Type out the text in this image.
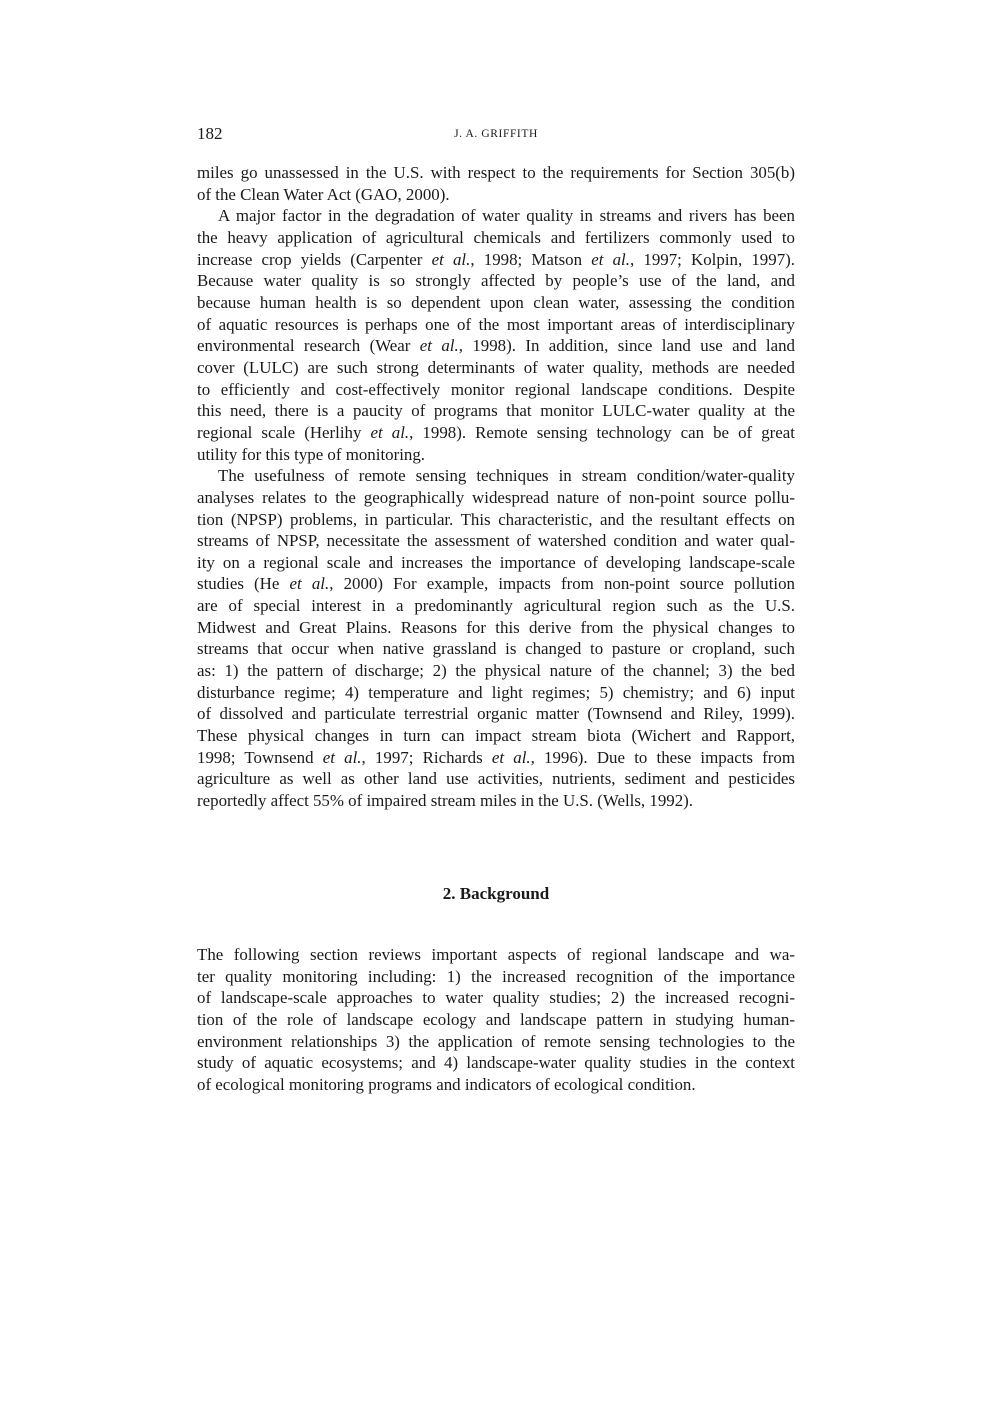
182	J. A. GRIFFITH
miles go unassessed in the U.S. with respect to the requirements for Section 305(b)
of the Clean Water Act (GAO, 2000).
A major factor in the degradation of water quality in streams and rivers has been
the heavy application of agricultural chemicals and fertilizers commonly used to
increase crop yields (Carpenter et al., 1998; Matson et al., 1997; Kolpin, 1997).
Because water quality is so strongly affected by people’s use of the land, and
because human health is so dependent upon clean water, assessing the condition
of aquatic resources is perhaps one of the most important areas of interdisciplinary
environmental research (Wear et al., 1998). In addition, since land use and land
cover (LULC) are such strong determinants of water quality, methods are needed
to efficiently and cost-effectively monitor regional landscape conditions. Despite
this need, there is a paucity of programs that monitor LULC-water quality at the
regional scale (Herlihy et al., 1998). Remote sensing technology can be of great
utility for this type of monitoring.
The usefulness of remote sensing techniques in stream condition/water-quality
analyses relates to the geographically widespread nature of non-point source pollu-
tion (NPSP) problems, in particular. This characteristic, and the resultant effects on
streams of NPSP, necessitate the assessment of watershed condition and water qual-
ity on a regional scale and increases the importance of developing landscape-scale
studies (He et al., 2000) For example, impacts from non-point source pollution
are of special interest in a predominantly agricultural region such as the U.S.
Midwest and Great Plains. Reasons for this derive from the physical changes to
streams that occur when native grassland is changed to pasture or cropland, such
as: 1) the pattern of discharge; 2) the physical nature of the channel; 3) the bed
disturbance regime; 4) temperature and light regimes; 5) chemistry; and 6) input
of dissolved and particulate terrestrial organic matter (Townsend and Riley, 1999).
These physical changes in turn can impact stream biota (Wichert and Rapport,
1998; Townsend et al., 1997; Richards et al., 1996). Due to these impacts from
agriculture as well as other land use activities, nutrients, sediment and pesticides
reportedly affect 55% of impaired stream miles in the U.S. (Wells, 1992).
2. Background
The following section reviews important aspects of regional landscape and wa-
ter quality monitoring including: 1) the increased recognition of the importance
of landscape-scale approaches to water quality studies; 2) the increased recogni-
tion of the role of landscape ecology and landscape pattern in studying human-
environment relationships 3) the application of remote sensing technologies to the
study of aquatic ecosystems; and 4) landscape-water quality studies in the context
of ecological monitoring programs and indicators of ecological condition.
